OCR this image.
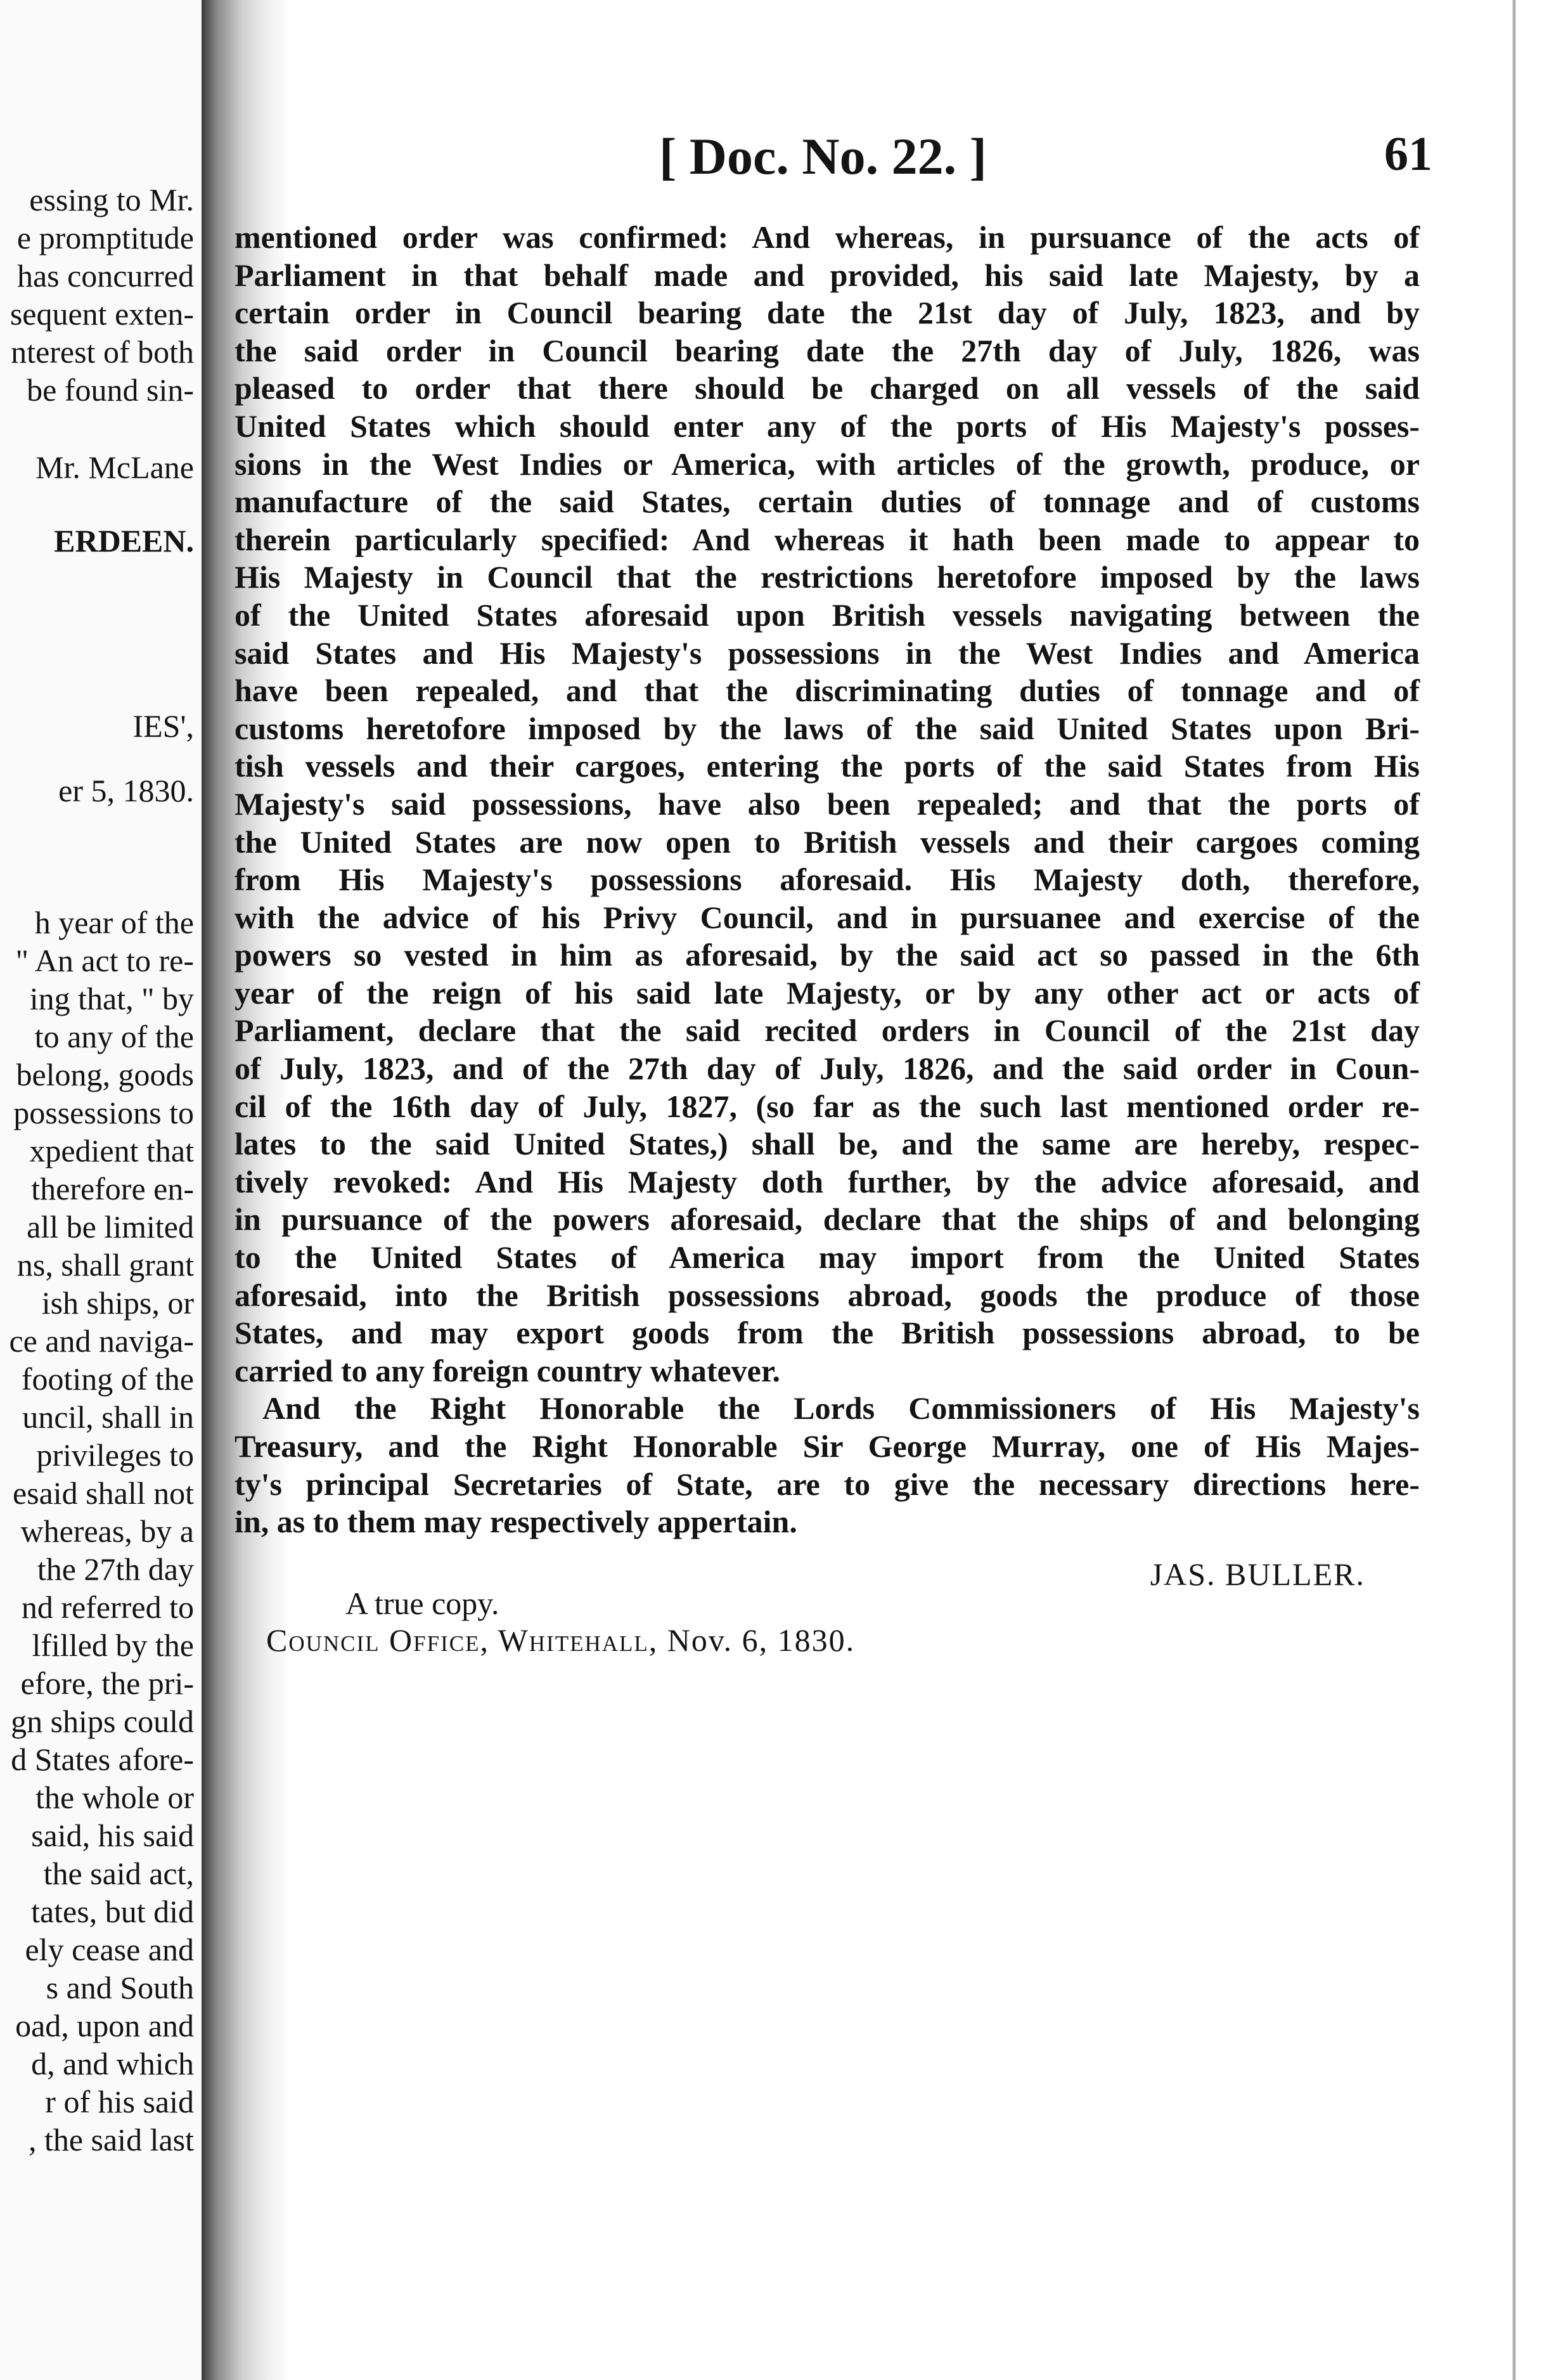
essing to Mr.
e promptitude
has concurred
sequent exten-
nterest of both
be found sin-
Mr. McLane
ERDEEN.
IES',
er 5, 1830.
h year of the
" An act to re-
ing that, " by
to any of the
belong, goods
possessions to
xpedient that
therefore en-
all be limited
ns, shall grant
ish ships, or
ce and naviga-
footing of the
uncil, shall in
privileges to
esaid shall not
whereas, by a
the 27th day
nd referred to
lfilled by the
efore, the pri-
gn ships could
d States afore-
the whole or
said, his said
the said act,
tates, but did
ely cease and
s and South
oad, upon and
d, and which
r of his said
, the said last
[ Doc. No. 22. ]	61
mentioned order was confirmed: And whereas, in pursuance of the acts of
Parliament in that behalf made and provided, his said late Majesty, by a
certain order in Council bearing date the 21st day of July, 1823, and by
the said order in Council bearing date the 27th day of July, 1826, was
pleased to order that there should be charged on all vessels of the said
United States which should enter any of the ports of His Majesty's posses-
sions in the West Indies or America, with articles of the growth, produce, or
manufacture of the said States, certain duties of tonnage and of customs
therein particularly specified: And whereas it hath been made to appear to
His Majesty in Council that the restrictions heretofore imposed by the laws
of the United States aforesaid upon British vessels navigating between the
said States and His Majesty's possessions in the West Indies and America
have been repealed, and that the discriminating duties of tonnage and of
customs heretofore imposed by the laws of the said United States upon Bri-
tish vessels and their cargoes, entering the ports of the said States from His
Majesty's said possessions, have also been repealed; and that the ports of
the United States are now open to British vessels and their cargoes coming
from His Majesty's possessions aforesaid. His Majesty doth, therefore,
with the advice of his Privy Council, and in pursuanee and exercise of the
powers so vested in him as aforesaid, by the said act so passed in the 6th
year of the reign of his said late Majesty, or by any other act or acts of
Parliament, declare that the said recited orders in Council of the 21st day
of July, 1823, and of the 27th day of July, 1826, and the said order in Coun-
cil of the 16th day of July, 1827, (so far as the such last mentioned order re-
lates to the said United States,) shall be, and the same are hereby, respec-
tively revoked: And His Majesty doth further, by the advice aforesaid, and
in pursuance of the powers aforesaid, declare that the ships of and belonging
to the United States of America may import from the United States
aforesaid, into the British possessions abroad, goods the produce of those
States, and may export goods from the British possessions abroad, to be
carried to any foreign country whatever.
And the Right Honorable the Lords Commissioners of His Majesty's
Treasury, and the Right Honorable Sir George Murray, one of His Majes-
ty's principal Secretaries of State, are to give the necessary directions here-
in, as to them may respectively appertain.
JAS. BULLER.
A true copy.
Council Office, Whitehall, Nov. 6, 1830.
